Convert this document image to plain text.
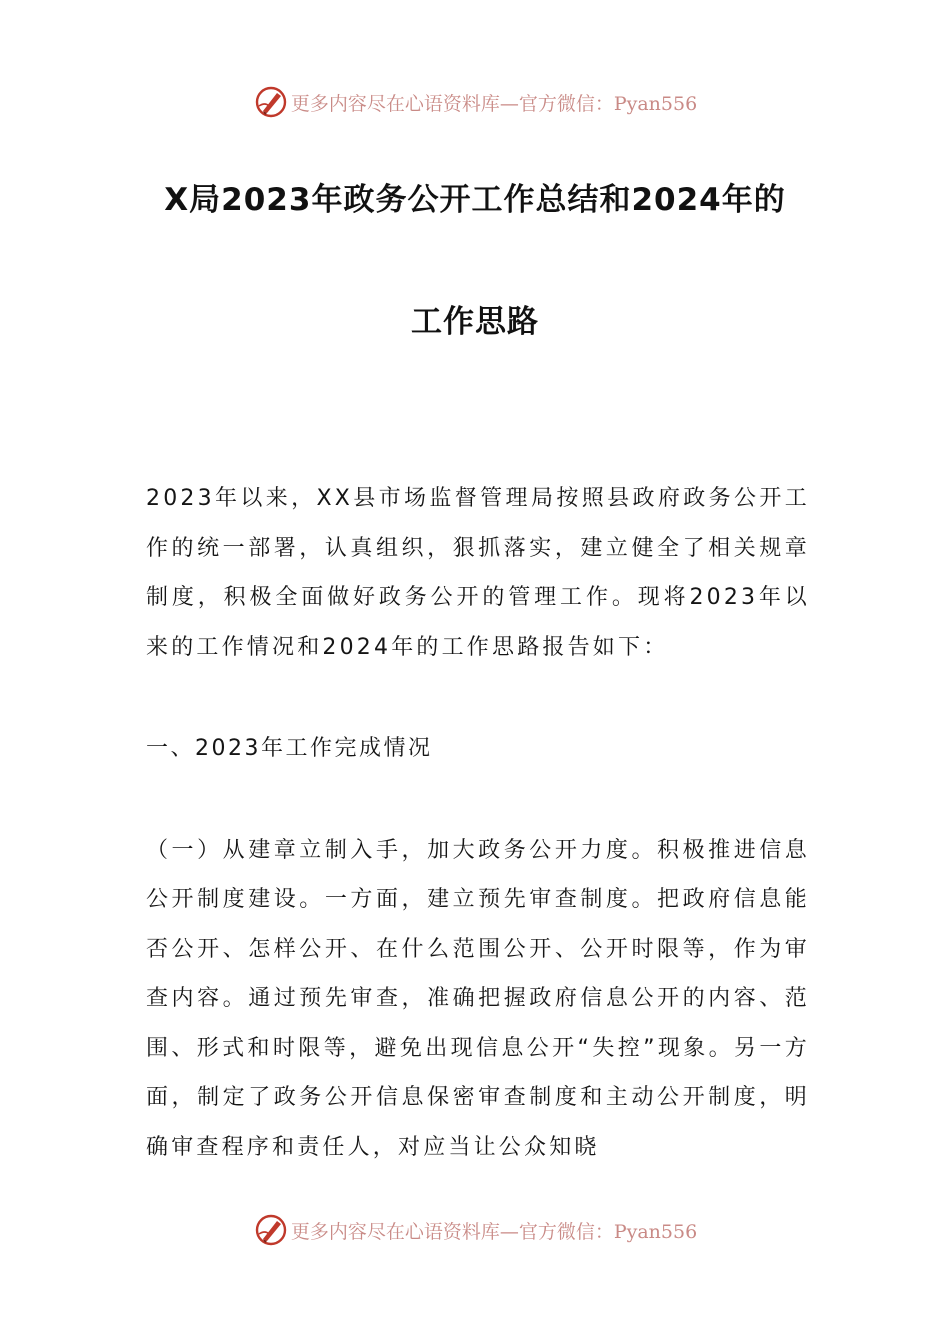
更多内容尽在心语资料库—官方微信：Pyan556
X局2023年政务公开工作总结和2024年的
工作思路

2023年以来，XX县市场监督管理局按照县政府政务公开工作的统一部署，认真组织，狠抓落实，建立健全了相关规章制度，积极全面做好政务公开的管理工作。现将2023年以来的工作情况和2024年的工作思路报告如下：

一、2023年工作完成情况

（一）从建章立制入手，加大政务公开力度。积极推进信息公开制度建设。一方面，建立预先审查制度。把政府信息能否公开、怎样公开、在什么范围公开、公开时限等，作为审查内容。通过预先审查，准确把握政府信息公开的内容、范围、形式和时限等，避免出现信息公开“失控”现象。另一方面，制定了政务公开信息保密审查制度和主动公开制度，明确审查程序和责任人，对应当让公众知晓

更多内容尽在心语资料库—官方微信：Pyan556
